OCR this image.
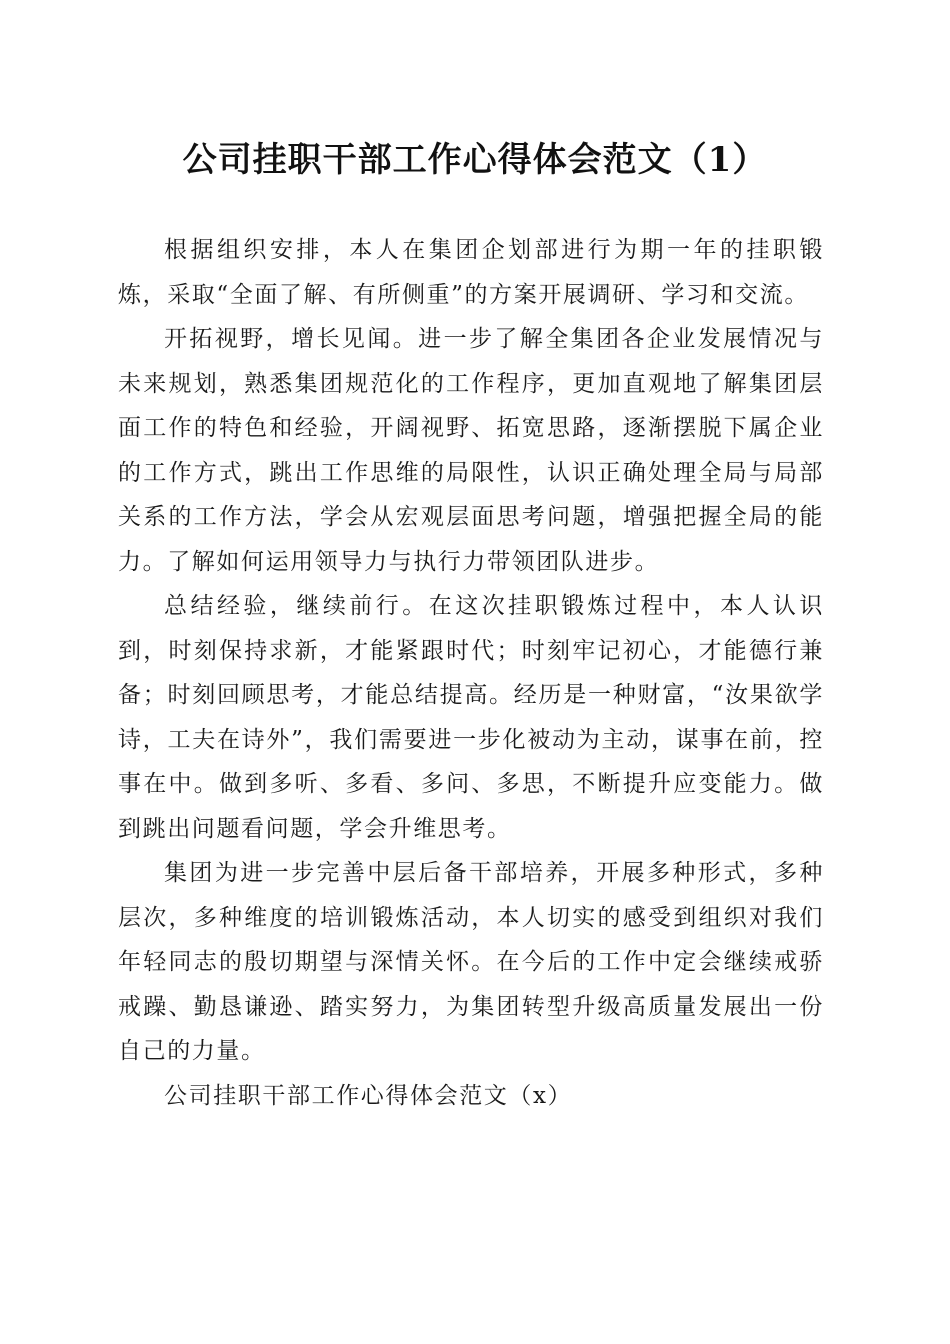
公司挂职干部工作心得体会范文（1）

根据组织安排，本人在集团企划部进行为期一年的挂职锻炼，采取“全面了解、有所侧重”的方案开展调研、学习和交流。

开拓视野，增长见闻。进一步了解全集团各企业发展情况与未来规划，熟悉集团规范化的工作程序，更加直观地了解集团层面工作的特色和经验，开阔视野、拓宽思路，逐渐摆脱下属企业的工作方式，跳出工作思维的局限性，认识正确处理全局与局部关系的工作方法，学会从宏观层面思考问题，增强把握全局的能力。了解如何运用领导力与执行力带领团队进步。

总结经验，继续前行。在这次挂职锻炼过程中，本人认识到，时刻保持求新，才能紧跟时代；时刻牢记初心，才能德行兼备；时刻回顾思考，才能总结提高。经历是一种财富，“汝果欲学诗，工夫在诗外”，我们需要进一步化被动为主动，谋事在前，控事在中。做到多听、多看、多问、多思，不断提升应变能力。做到跳出问题看问题，学会升维思考。

集团为进一步完善中层后备干部培养，开展多种形式，多种层次，多种维度的培训锻炼活动，本人切实的感受到组织对我们年轻同志的殷切期望与深情关怀。在今后的工作中定会继续戒骄戒躁、勤恳谦逊、踏实努力，为集团转型升级高质量发展出一份自己的力量。

公司挂职干部工作心得体会范文（x）
